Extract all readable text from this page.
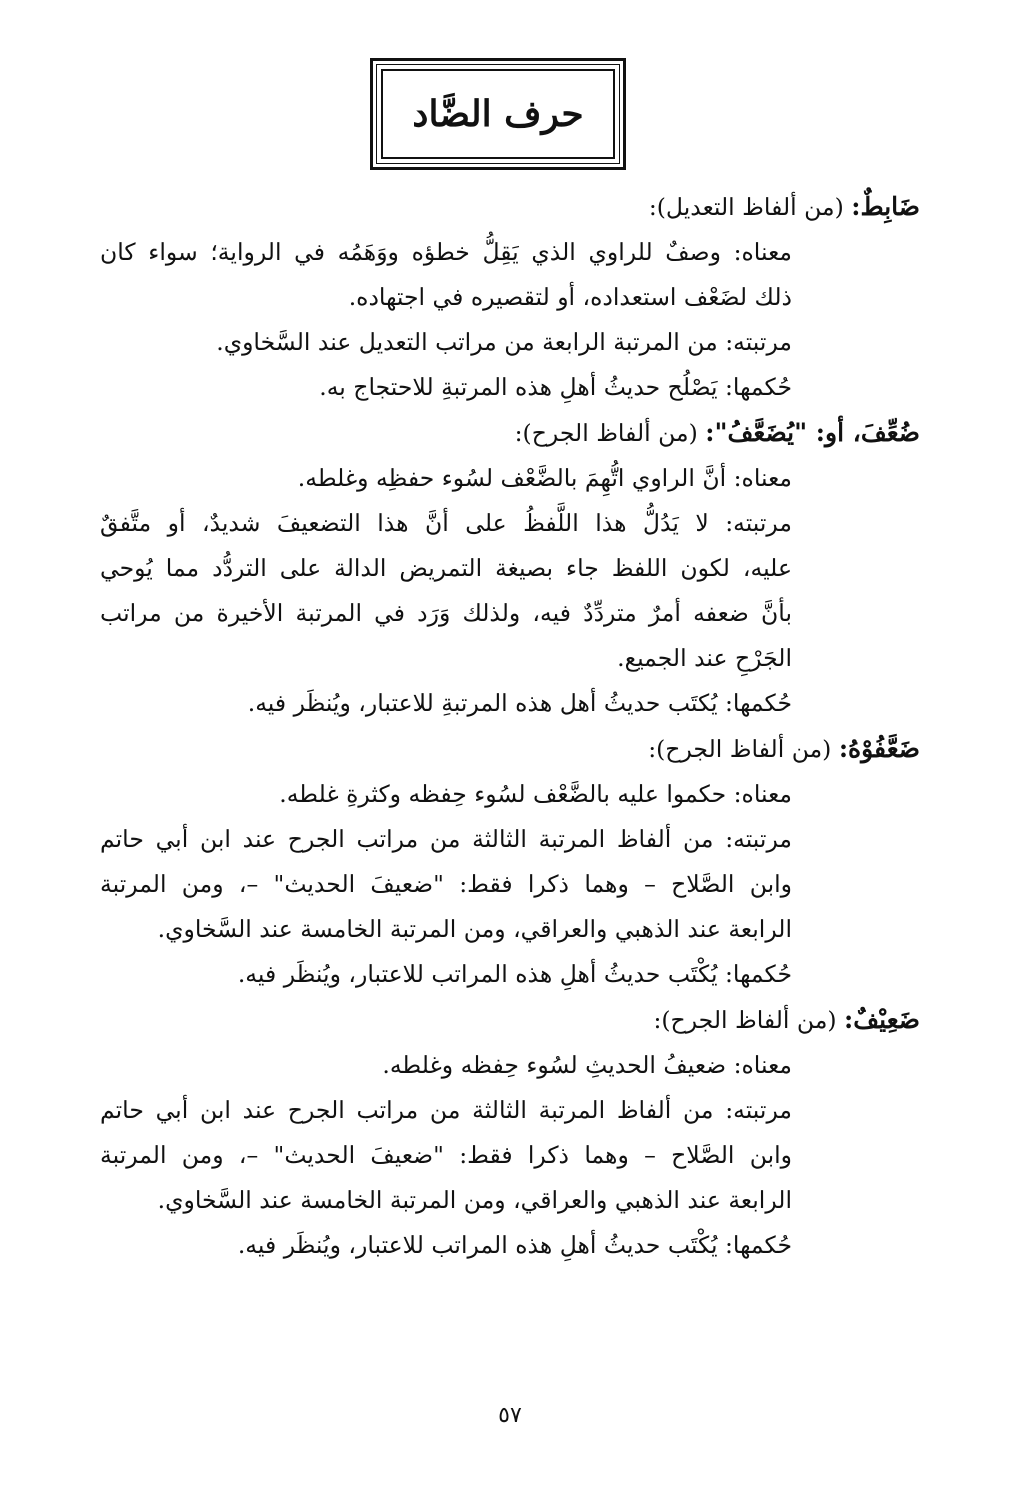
حرف الضَّاد
ضَابِطٌ: (من ألفاظ التعديل):
معناه: وصفٌ للراوي الذي يَقِلُّ خطؤه ووَهَمُه في الرواية؛ سواء كان
ذلك لضَعْف استعداده، أو لتقصيره في اجتهاده.
مرتبته: من المرتبة الرابعة من مراتب التعديل عند السَّخاوي.
حُكمها: يَصْلُح حديثُ أهلِ هذه المرتبةِ للاحتجاج به.
ضُعِّفَ، أو: "يُضَعَّفُ": (من ألفاظ الجرح):
معناه: أنَّ الراوي اتُّهِمَ بالضَّعْف لسُوء حفظِه وغلطه.
مرتبته: لا يَدُلُّ هذا اللَّفظُ على أنَّ هذا التضعيفَ شديدٌ، أو متَّفقٌ
عليه، لكون اللفظ جاء بصيغة التمريض الدالة على التردُّد مما يُوحي
بأنَّ ضعفه أمرٌ متردِّدٌ فيه، ولذلك وَرَد في المرتبة الأخيرة من مراتب
الجَرْحِ عند الجميع.
حُكمها: يُكتَب حديثُ أهل هذه المرتبةِ للاعتبار، ويُنظَر فيه.
ضَعَّفُوْهُ: (من ألفاظ الجرح):
معناه: حكموا عليه بالضَّعْف لسُوء حِفظه وكثرةِ غلطه.
مرتبته: من ألفاظ المرتبة الثالثة من مراتب الجرح عند ابن أبي حاتم
وابن الصَّلاح – وهما ذكرا فقط: "ضعيفَ الحديث" –، ومن المرتبة
الرابعة عند الذهبي والعراقي، ومن المرتبة الخامسة عند السَّخاوي.
حُكمها: يُكْتَب حديثُ أهلِ هذه المراتب للاعتبار، ويُنظَر فيه.
ضَعِيْفٌ: (من ألفاظ الجرح):
معناه: ضعيفُ الحديثِ لسُوء حِفظه وغلطه.
مرتبته: من ألفاظ المرتبة الثالثة من مراتب الجرح عند ابن أبي حاتم
وابن الصَّلاح – وهما ذكرا فقط: "ضعيفَ الحديث" –، ومن المرتبة
الرابعة عند الذهبي والعراقي، ومن المرتبة الخامسة عند السَّخاوي.
حُكمها: يُكْتَب حديثُ أهلِ هذه المراتب للاعتبار، ويُنظَر فيه.
٥٧
